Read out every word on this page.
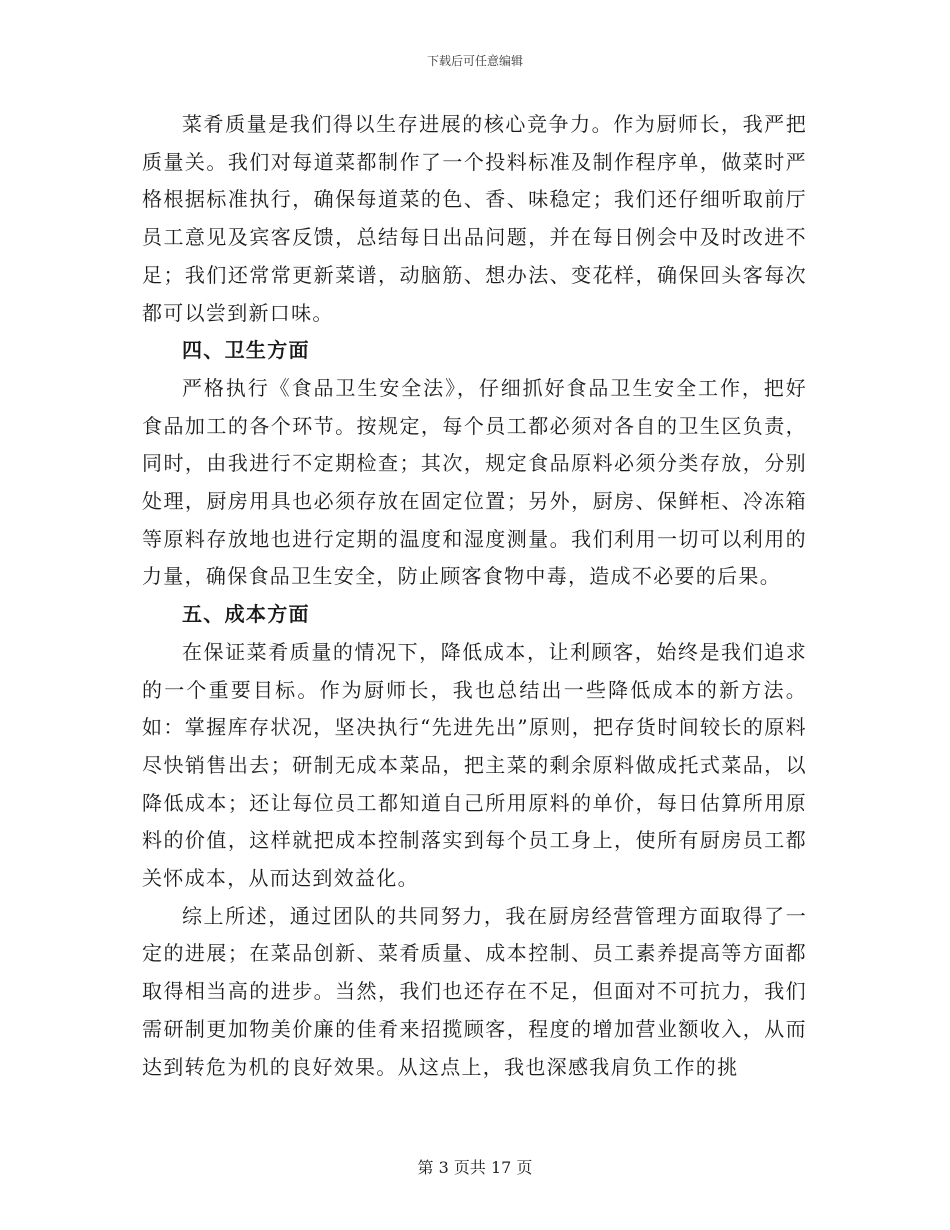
下载后可任意编辑

菜肴质量是我们得以生存进展的核心竞争力。作为厨师长，我严把质量关。我们对每道菜都制作了一个投料标准及制作程序单，做菜时严格根据标准执行，确保每道菜的色、香、味稳定；我们还仔细听取前厅员工意见及宾客反馈，总结每日出品问题，并在每日例会中及时改进不足；我们还常常更新菜谱，动脑筋、想办法、变花样，确保回头客每次都可以尝到新口味。

四、卫生方面

严格执行《食品卫生安全法》，仔细抓好食品卫生安全工作，把好食品加工的各个环节。按规定，每个员工都必须对各自的卫生区负责，同时，由我进行不定期检查；其次，规定食品原料必须分类存放，分别处理，厨房用具也必须存放在固定位置；另外，厨房、保鲜柜、冷冻箱等原料存放地也进行定期的温度和湿度测量。我们利用一切可以利用的力量，确保食品卫生安全，防止顾客食物中毒，造成不必要的后果。

五、成本方面

在保证菜肴质量的情况下，降低成本，让利顾客，始终是我们追求的一个重要目标。作为厨师长，我也总结出一些降低成本的新方法。如：掌握库存状况，坚决执行“先进先出”原则，把存货时间较长的原料尽快销售出去；研制无成本菜品，把主菜的剩余原料做成托式菜品，以降低成本；还让每位员工都知道自己所用原料的单价，每日估算所用原料的价值，这样就把成本控制落实到每个员工身上，使所有厨房员工都关怀成本，从而达到效益化。

综上所述，通过团队的共同努力，我在厨房经营管理方面取得了一定的进展；在菜品创新、菜肴质量、成本控制、员工素养提高等方面都取得相当高的进步。当然，我们也还存在不足，但面对不可抗力，我们需研制更加物美价廉的佳肴来招揽顾客，程度的增加营业额收入，从而达到转危为机的良好效果。从这点上，我也深感我肩负工作的挑

第 3 页共 17 页
